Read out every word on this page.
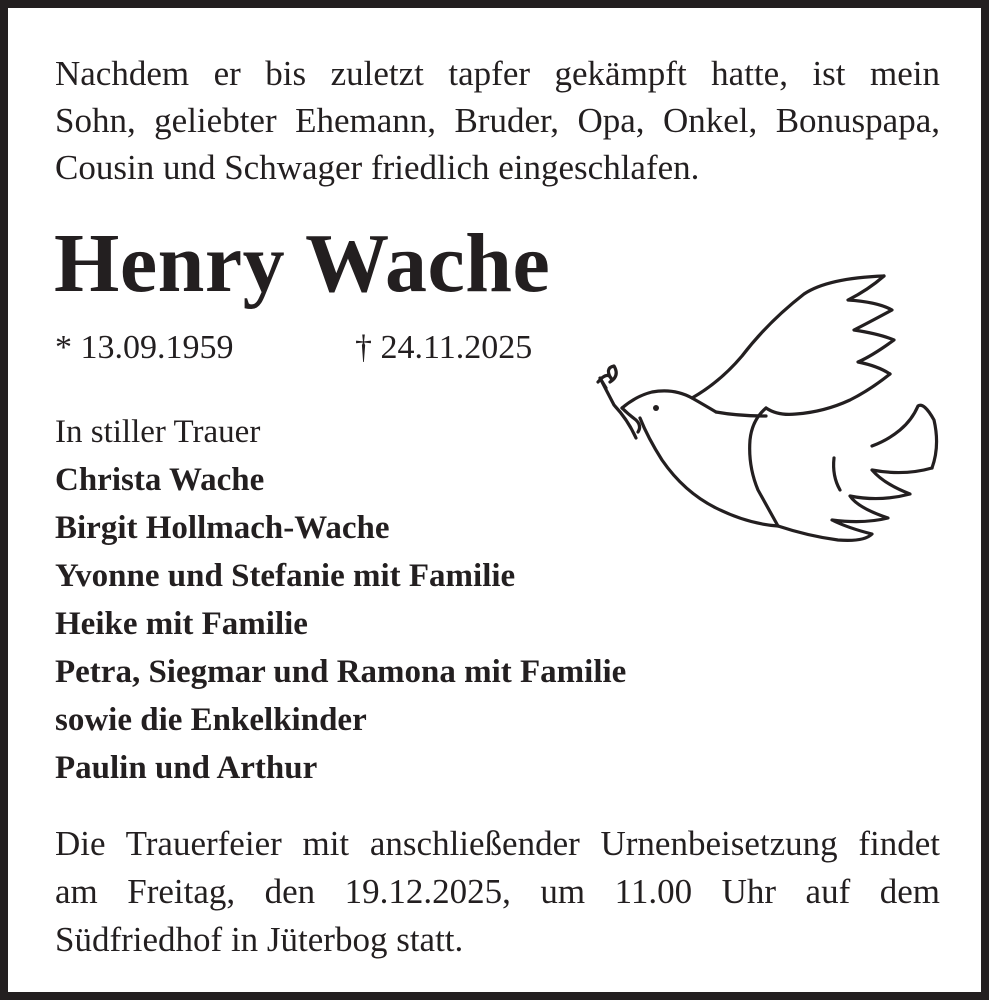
Nachdem er bis zuletzt tapfer gekämpft hatte, ist mein
Sohn, geliebter Ehemann, Bruder, Opa, Onkel, Bonuspapa,
Cousin und Schwager friedlich eingeschlafen.

Henry Wache
* 13.09.1959	† 24.11.2025
In stiller Trauer
Christa Wache
Birgit Hollmach-Wache
Yvonne und Stefanie mit Familie
Heike mit Familie
Petra, Siegmar und Ramona mit Familie
sowie die Enkelkinder
Paulin und Arthur

Die Trauerfeier mit anschließender Urnenbeisetzung findet
am Freitag, den 19.12.2025, um 11.00 Uhr auf dem
Südfriedhof in Jüterbog statt.
